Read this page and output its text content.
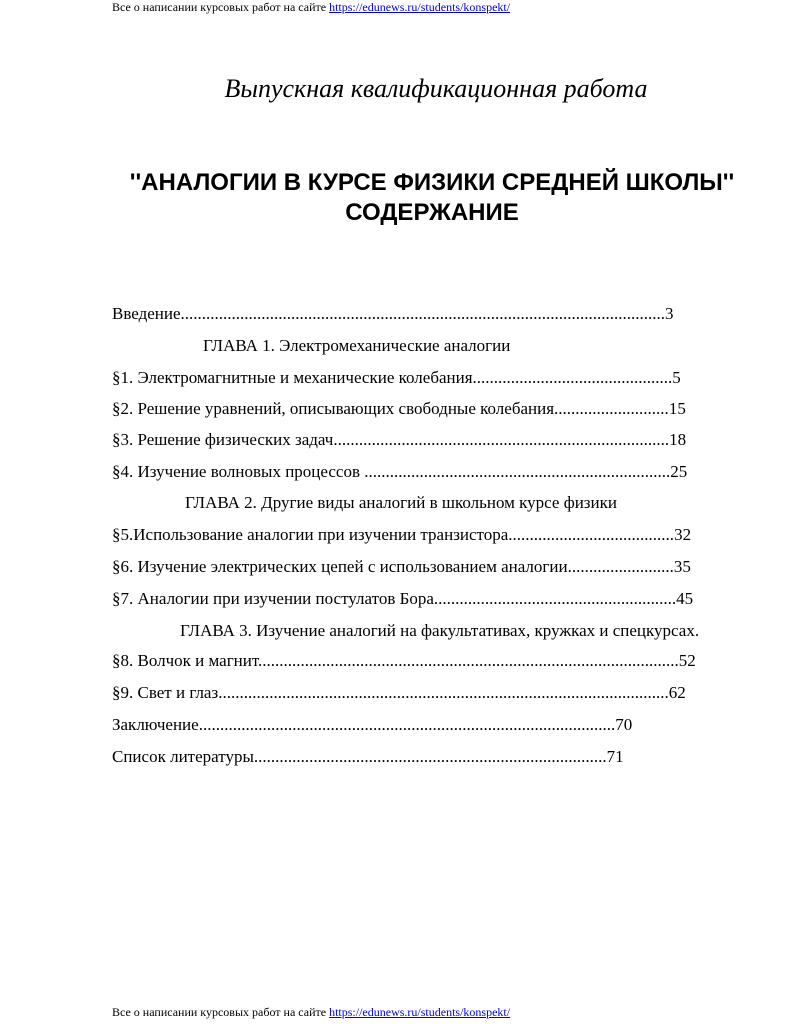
Все о написании курсовых работ на сайте https://edunews.ru/students/konspekt/
Выпускная квалификационная работа
''АНАЛОГИИ В КУРСЕ ФИЗИКИ СРЕДНЕЙ ШКОЛЫ''
СОДЕРЖАНИЕ
Введение..................................................................................................................3
ГЛАВА 1. Электромеханические аналогии
§1. Электромагнитные и механические колебания...............................................5
§2. Решение уравнений, описывающих свободные колебания...........................15
§3. Решение физических задач...............................................................................18
§4. Изучение волновых процессов ........................................................................25
ГЛАВА 2. Другие виды аналогий в школьном курсе физики
§5.Использование аналогии при изучении транзистора.......................................32
§6. Изучение электрических цепей с использованием аналогии.........................35
§7. Аналогии при изучении постулатов Бора.........................................................45
ГЛАВА 3. Изучение аналогий на факультативах, кружках и спецкурсах.
§8. Волчок и магнит...................................................................................................52
§9. Свет и глаз..........................................................................................................62
Заключение..................................................................................................70
Список литературы...................................................................................71
Все о написании курсовых работ на сайте https://edunews.ru/students/konspekt/
